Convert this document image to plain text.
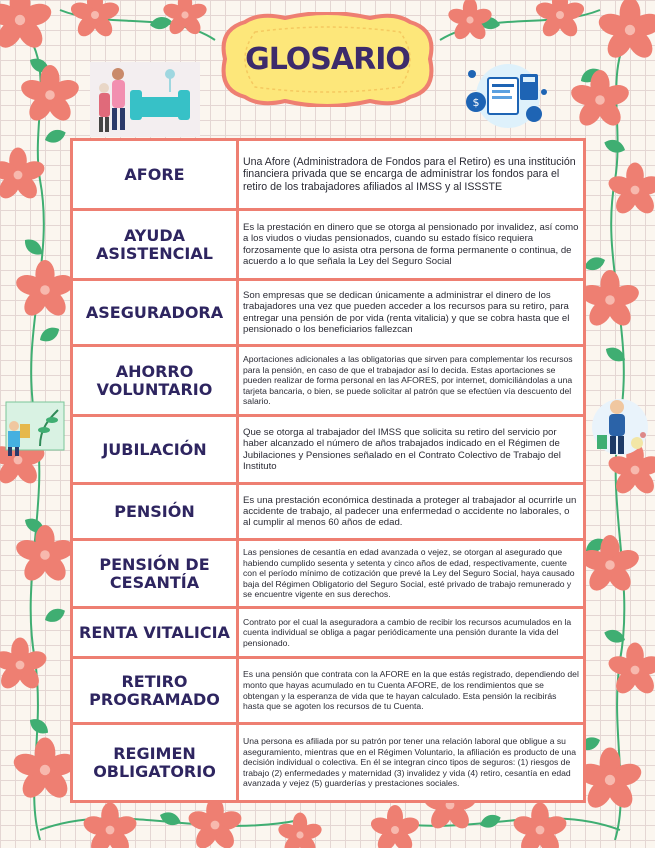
GLOSARIO
$
AFORE	Una Afore (Administradora de Fondos para el Retiro) es una institución financiera privada que se encarga de administrar los fondos para el retiro de los trabajadores afiliados al IMSS y al ISSSTE
AYUDA ASISTENCIAL	Es la prestación en dinero que se otorga al pensionado por invalidez, así como a los viudos o viudas pensionados, cuando su estado físico requiera forzosamente que lo asista otra persona de forma permanente o continua, de acuerdo a lo que señala la Ley del Seguro Social
ASEGURADORA	Son empresas que se dedican únicamente a administrar el dinero de los trabajadores una vez que pueden acceder a los recursos para su retiro, para entregar una pensión de por vida (renta vitalicia) y que se cobra hasta que el pensionado o los beneficiarios fallezcan
AHORRO VOLUNTARIO	Aportaciones adicionales a las obligatorias que sirven para complementar los recursos para la pensión, en caso de que el trabajador así lo decida. Estas aportaciones se pueden realizar de forma personal en las AFORES, por internet, domiciliándolas a una tarjeta bancaria, o bien, se puede solicitar al patrón que se efectúen vía descuento del salario.
JUBILACIÓN	Que se otorga al trabajador del IMSS que solicita su retiro del servicio por haber alcanzado el número de años trabajados indicado en el Régimen de Jubilaciones y Pensiones señalado en el Contrato Colectivo de Trabajo del Instituto
PENSIÓN	Es una prestación económica destinada a proteger al trabajador al ocurrirle un accidente de trabajo, al padecer una enfermedad o accidente no laborales, o al cumplir al menos 60 años de edad.
PENSIÓN DE CESANTÍA	Las pensiones de cesantía en edad avanzada o vejez, se otorgan al asegurado que habiendo cumplido sesenta y setenta y cinco años de edad, respectivamente, cuente con el período mínimo de cotización que prevé la Ley del Seguro Social, haya causado baja del Régimen Obligatorio del Seguro Social, esté privado de trabajo remunerado y se encuentre vigente en sus derechos.
RENTA VITALICIA	Contrato por el cual la aseguradora a cambio de recibir los recursos acumulados en la cuenta individual se obliga a pagar periódicamente una pensión durante la vida del pensionado.
RETIRO PROGRAMADO	Es una pensión que contrata con la AFORE en la que estás registrado, dependiendo del monto que hayas acumulado en tu Cuenta AFORE, de los rendimientos que se obtengan y la esperanza de vida que te hayan calculado. Esta pensión la recibirás hasta que se agoten los recursos de tu Cuenta.
REGIMEN OBLIGATORIO	Una persona es afiliada por su patrón por tener una relación laboral que obligue a su aseguramiento, mientras que en el Régimen Voluntario, la afiliación es producto de una decisión individual o colectiva. En él se integran cinco tipos de seguros: (1) riesgos de trabajo (2) enfermedades y maternidad (3) invalidez y vida (4) retiro, cesantía en edad avanzada y vejez (5) guarderías y prestaciones sociales.
